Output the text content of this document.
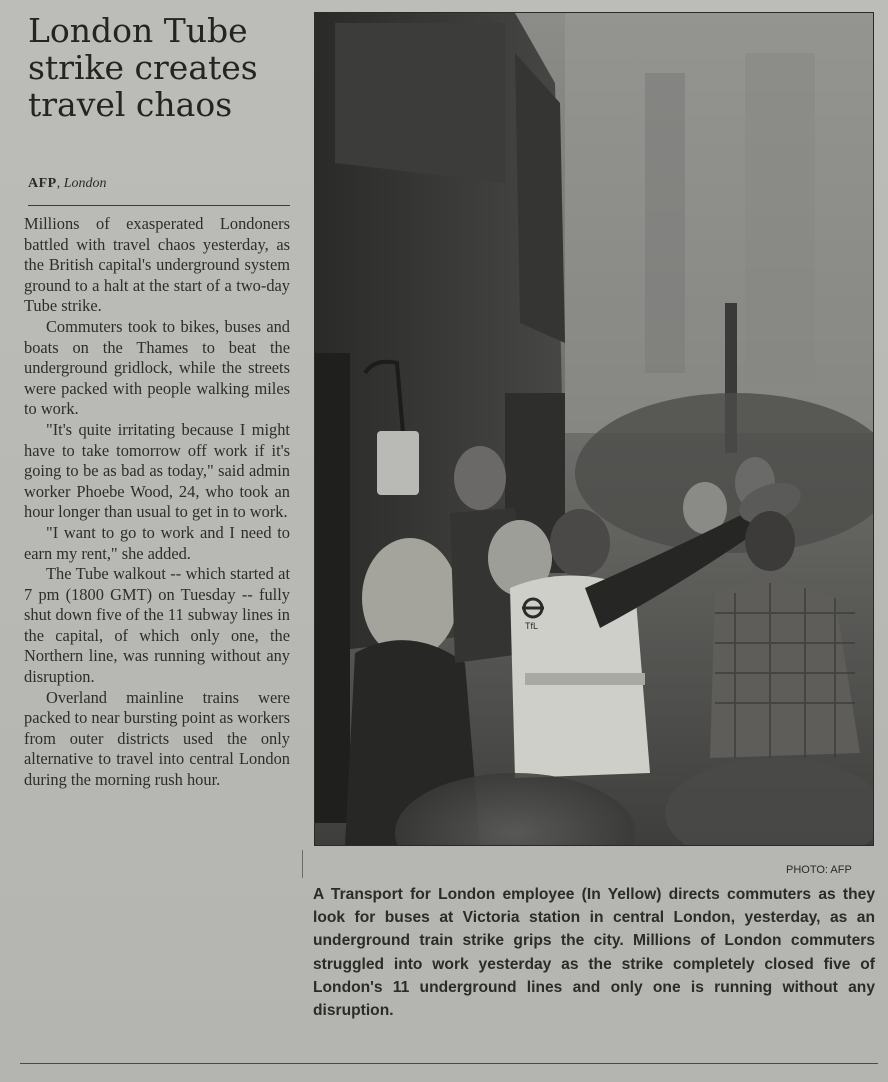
London Tube strike creates travel chaos
AFP, London

Millions of exasperated Londoners battled with travel chaos yesterday, as the British capital's underground system ground to a halt at the start of a two-day Tube strike.

Commuters took to bikes, buses and boats on the Thames to beat the underground gridlock, while the streets were packed with people walking miles to work.

"It's quite irritating because I might have to take tomorrow off work if it's going to be as bad as today," said admin worker Phoebe Wood, 24, who took an hour longer than usual to get in to work.

"I want to go to work and I need to earn my rent," she added.

The Tube walkout -- which started at 7 pm (1800 GMT) on Tuesday -- fully shut down five of the 11 subway lines in the capital, of which only one, the Northern line, was running without any disruption.

Overland mainline trains were packed to near bursting point as workers from outer districts used the only alternative to travel into central London during the morning rush hour.

TfL
PHOTO: AFP

A Transport for London employee (In Yellow) directs commuters as they look for buses at Victoria station in central London, yesterday, as an underground train strike grips the city. Millions of London commuters struggled into work yesterday as the strike completely closed five of London's 11 underground lines and only one is running without any disruption.
